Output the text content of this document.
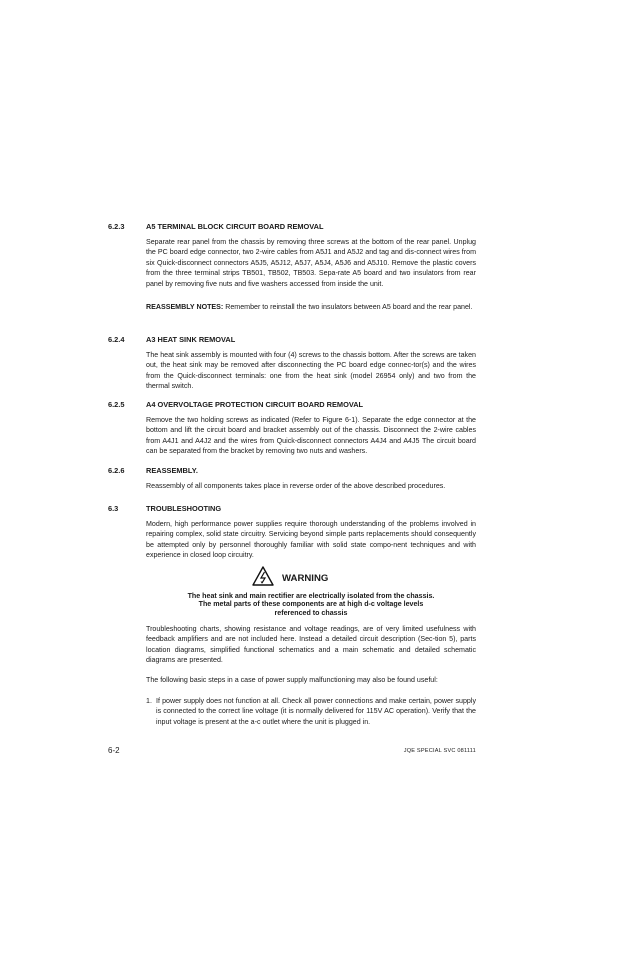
6.2.3	A5 TERMINAL BLOCK CIRCUIT BOARD REMOVAL
Separate rear panel from the chassis by removing three screws at the bottom of the rear panel. Unplug the PC board edge connector, two 2-wire cables from A5J1 and A5J2 and tag and dis-connect wires from six Quick-disconnect connectors A5J5, A5J12, A5J7, A5J4, A5J6 and A5J10. Remove the plastic covers from the three terminal strips TB501, TB502, TB503. Sepa-rate A5 board and two insulators from rear panel by removing five nuts and five washers accessed from inside the unit.
REASSEMBLY NOTES: Remember to reinstall the two insulators between A5 board and the rear panel.
6.2.4	A3 HEAT SINK REMOVAL
The heat sink assembly is mounted with four (4) screws to the chassis bottom. After the screws are taken out, the heat sink may be removed after disconnecting the PC board edge connec-tor(s) and the wires from the Quick-disconnect terminals: one from the heat sink (model 26954 only) and two from the thermal switch.
6.2.5	A4 OVERVOLTAGE PROTECTION CIRCUIT BOARD REMOVAL
Remove the two holding screws as indicated (Refer to Figure 6-1). Separate the edge connector at the bottom and lift the circuit board and bracket assembly out of the chassis. Disconnect the 2-wire cables from A4J1 and A4J2 and the wires from Quick-disconnect connectors A4J4 and A4J5 The circuit board can be separated from the bracket by removing two nuts and washers.
6.2.6	REASSEMBLY.
Reassembly of all components takes place in reverse order of the above described procedures.
6.3	TROUBLESHOOTING
Modern, high performance power supplies require thorough understanding of the problems involved in repairing complex, solid state circuitry. Servicing beyond simple parts replacements should consequently be attempted only by personnel thoroughly familiar with solid state compo-nent techniques and with experience in closed loop circuitry.
WARNING
The heat sink and main rectifier are electrically isolated from the chassis.
The metal parts of these components are at high d-c voltage levels
referenced to chassis
Troubleshooting charts, showing resistance and voltage readings, are of very limited usefulness with feedback amplifiers and are not included here. Instead a detailed circuit description (Sec-tion 5), parts location diagrams, simplified functional schematics and a main schematic and detailed schematic diagrams are presented.
The following basic steps in a case of power supply malfunctioning may also be found useful:
1. If power supply does not function at all. Check all power connections and make certain, power supply is connected to the correct line voltage (it is normally delivered for 115V AC operation). Verify that the input voltage is present at the a-c outlet where the unit is plugged in.
6-2	JQE SPECIAL SVC 081111
